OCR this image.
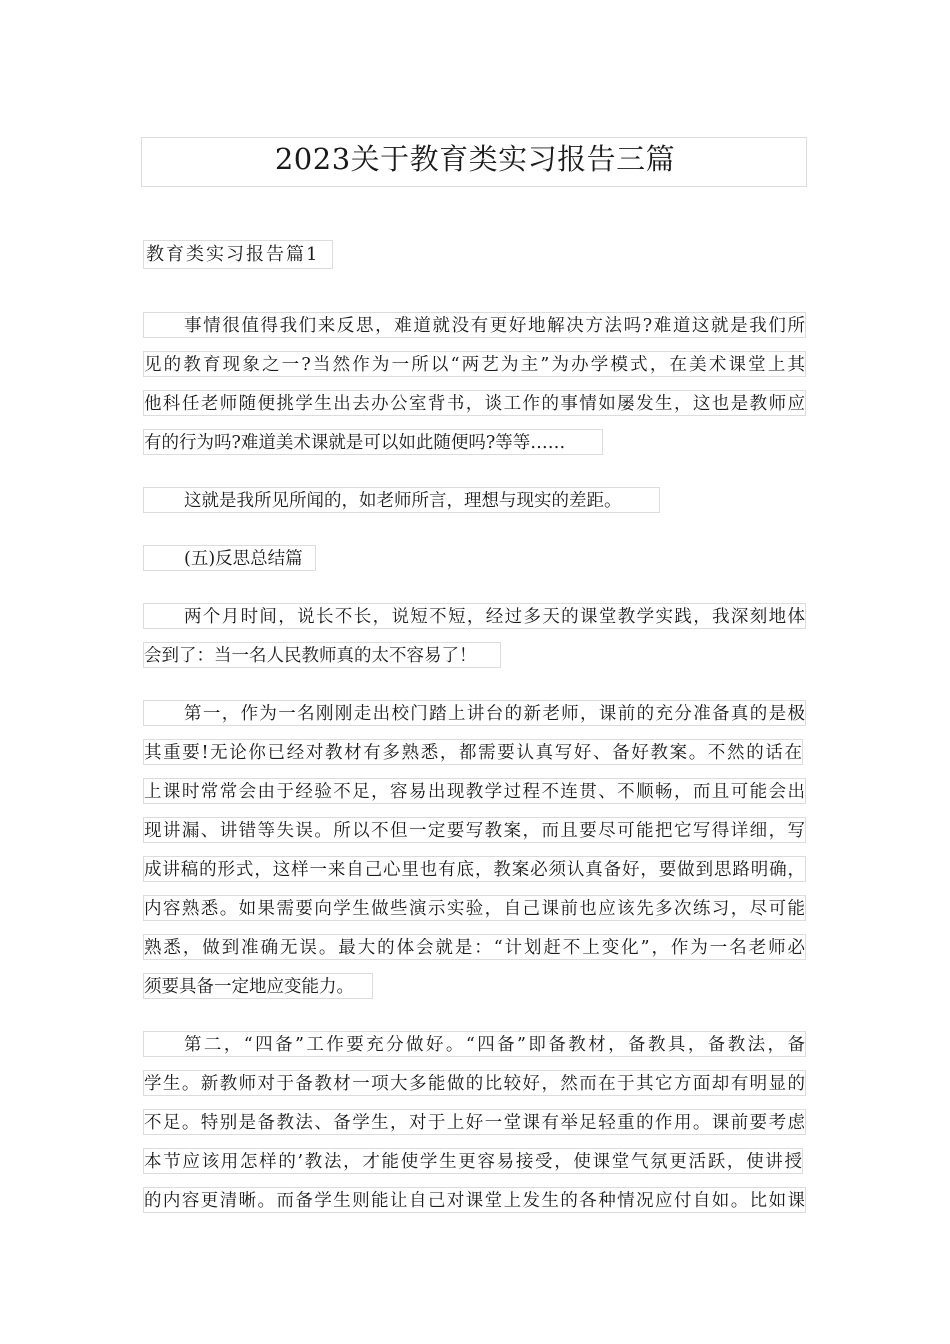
2023关于教育类实习报告三篇
教育类实习报告篇1
事情很值得我们来反思，难道就没有更好地解决方法吗?难道这就是我们所
见的教育现象之一?当然作为一所以“两艺为主”为办学模式，在美术课堂上其
他科任老师随便挑学生出去办公室背书，谈工作的事情如屡发生，这也是教师应
有的行为吗?难道美术课就是可以如此随便吗?等等……
这就是我所见所闻的，如老师所言，理想与现实的差距。
(五)反思总结篇
两个月时间，说长不长，说短不短，经过多天的课堂教学实践，我深刻地体
会到了：当一名人民教师真的太不容易了！
第一，作为一名刚刚走出校门踏上讲台的新老师，课前的充分准备真的是极
其重要!无论你已经对教材有多熟悉，都需要认真写好、备好教案。不然的话在
上课时常常会由于经验不足，容易出现教学过程不连贯、不顺畅，而且可能会出
现讲漏、讲错等失误。所以不但一定要写教案，而且要尽可能把它写得详细，写
成讲稿的形式，这样一来自己心里也有底，教案必须认真备好，要做到思路明确，
内容熟悉。如果需要向学生做些演示实验，自己课前也应该先多次练习，尽可能
熟悉，做到准确无误。最大的体会就是：“计划赶不上变化”，作为一名老师必
须要具备一定地应变能力。
第二，“四备”工作要充分做好。“四备”即备教材，备教具，备教法，备
学生。新教师对于备教材一项大多能做的比较好，然而在于其它方面却有明显的
不足。特别是备教法、备学生，对于上好一堂课有举足轻重的作用。课前要考虑
本节应该用怎样的’教法，才能使学生更容易接受，使课堂气氛更活跃，使讲授
的内容更清晰。而备学生则能让自己对课堂上发生的各种情况应付自如。比如课
